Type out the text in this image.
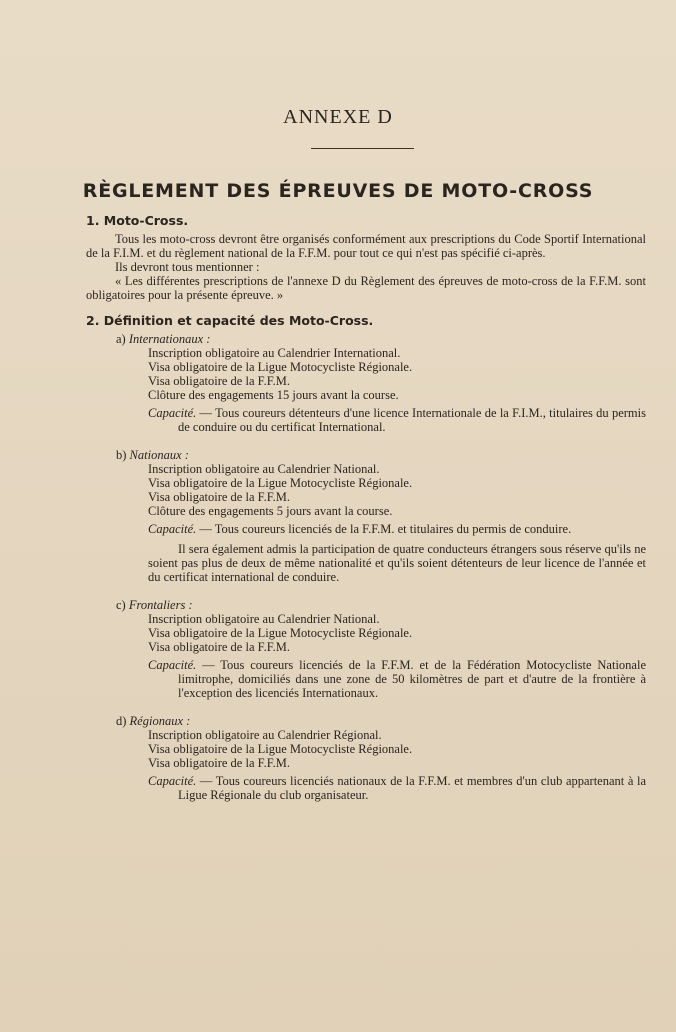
ANNEXE D
RÈGLEMENT DES ÉPREUVES DE MOTO-CROSS
1. Moto-Cross.

Tous les moto-cross devront être organisés conformément aux prescriptions du Code Sportif International de la F.I.M. et du règlement national de la F.F.M. pour tout ce qui n'est pas spécifié ci-après.

Ils devront tous mentionner :

« Les différentes prescriptions de l'annexe D du Règlement des épreuves de moto-cross de la F.F.M. sont obligatoires pour la présente épreuve. »

2. Définition et capacité des Moto-Cross.
a) Internationaux :
Inscription obligatoire au Calendrier International.
Visa obligatoire de la Ligue Motocycliste Régionale.
Visa obligatoire de la F.F.M.
Clôture des engagements 15 jours avant la course.

Capacité. — Tous coureurs détenteurs d'une licence Internationale de la F.I.M., titulaires du permis de conduire ou du certificat International.

b) Nationaux :
Inscription obligatoire au Calendrier National.
Visa obligatoire de la Ligue Motocycliste Régionale.
Visa obligatoire de la F.F.M.
Clôture des engagements 5 jours avant la course.

Capacité. — Tous coureurs licenciés de la F.F.M. et titulaires du permis de conduire.

Il sera également admis la participation de quatre conducteurs étrangers sous réserve qu'ils ne soient pas plus de deux de même nationalité et qu'ils soient détenteurs de leur licence de l'année et du certificat international de conduire.

c) Frontaliers :
Inscription obligatoire au Calendrier National.
Visa obligatoire de la Ligue Motocycliste Régionale.
Visa obligatoire de la F.F.M.

Capacité. — Tous coureurs licenciés de la F.F.M. et de la Fédération Motocycliste Nationale limitrophe, domiciliés dans une zone de 50 kilomètres de part et d'autre de la frontière à l'exception des licenciés Internationaux.

d) Régionaux :
Inscription obligatoire au Calendrier Régional.
Visa obligatoire de la Ligue Motocycliste Régionale.
Visa obligatoire de la F.F.M.

Capacité. — Tous coureurs licenciés nationaux de la F.F.M. et membres d'un club appartenant à la Ligue Régionale du club organisateur.
